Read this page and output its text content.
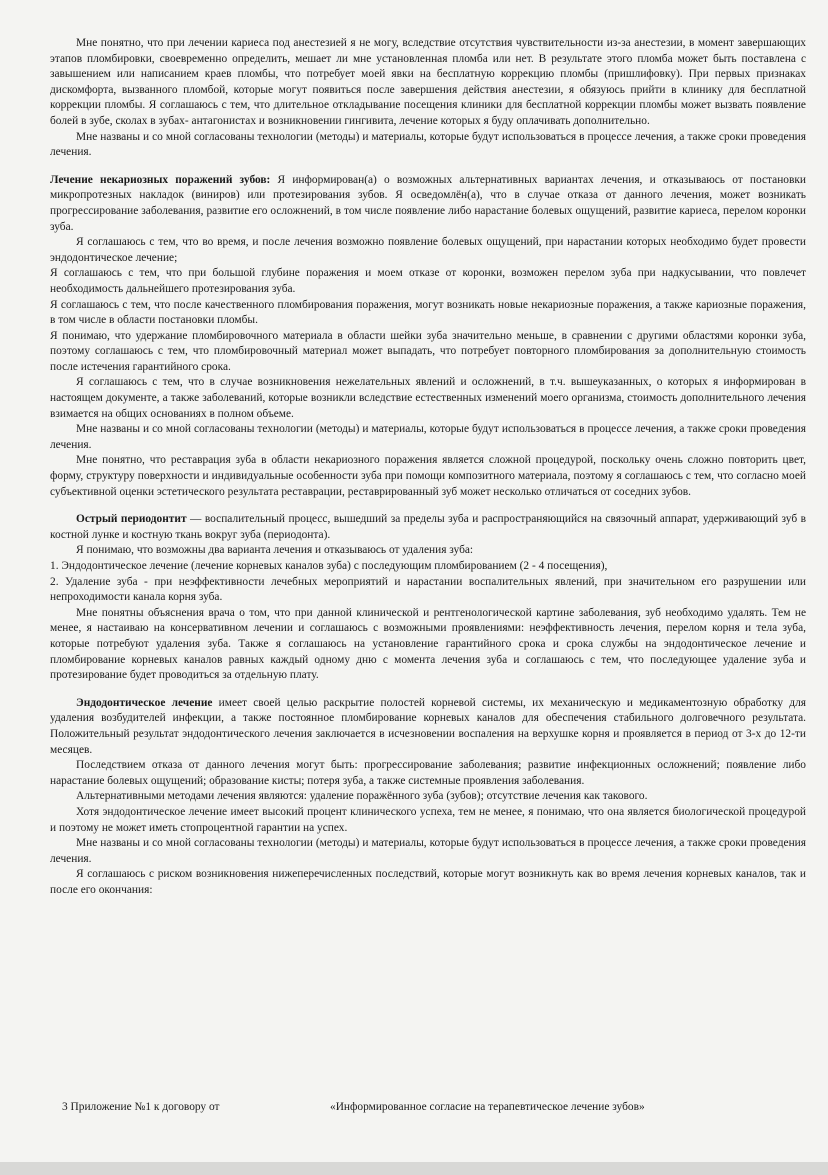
Мне понятно, что при лечении кариеса под анестезией я не могу, вследствие отсутствия чувствительности из-за анестезии, в момент завершающих этапов пломбировки, своевременно определить, мешает ли мне установленная пломба или нет. В результате этого пломба может быть поставлена с завышением или написанием краев пломбы, что потребует моей явки на бесплатную коррекцию пломбы (пришлифовку). При первых признаках дискомфорта, вызванного пломбой, которые могут появиться после завершения действия анестезии, я обязуюсь прийти в клинику для бесплатной коррекции пломбы. Я соглашаюсь с тем, что длительное откладывание посещения клиники для бесплатной коррекции пломбы может вызвать появление болей в зубе, сколах в зубах- антагонистах и возникновении гингивита, лечение которых я буду оплачивать дополнительно.

Мне названы и со мной согласованы технологии (методы) и материалы, которые будут использоваться в процессе лечения, а также сроки проведения лечения.

Лечение некариозных поражений зубов: Я информирован(а) о возможных альтернативных вариантах лечения, и отказываюсь от постановки микропротезных накладок (виниров) или протезирования зубов. Я осведомлён(а), что в случае отказа от данного лечения, может возникать прогрессирование заболевания, развитие его осложнений, в том числе появление либо нарастание болевых ощущений, развитие кариеса, перелом коронки зуба.

Я соглашаюсь с тем, что во время, и после лечения возможно появление болевых ощущений, при нарастании которых необходимо будет провести эндодонтическое лечение;

Я соглашаюсь с тем, что при большой глубине поражения и моем отказе от коронки, возможен перелом зуба при надкусывании, что повлечет необходимость дальнейшего протезирования зуба.

Я соглашаюсь с тем, что после качественного пломбирования поражения, могут возникать новые некариозные поражения, а также кариозные поражения, в том числе в области постановки пломбы.

Я понимаю, что удержание пломбировочного материала в области шейки зуба значительно меньше, в сравнении с другими областями коронки зуба, поэтому соглашаюсь с тем, что пломбировочный материал может выпадать, что потребует повторного пломбирования за дополнительную стоимость после истечения гарантийного срока.

Я соглашаюсь с тем, что в случае возникновения нежелательных явлений и осложнений, в т.ч. вышеуказанных, о которых я информирован в настоящем документе, а также заболеваний, которые возникли вследствие естественных изменений моего организма, стоимость дополнительного лечения взимается на общих основаниях в полном объеме.

Мне названы и со мной согласованы технологии (методы) и материалы, которые будут использоваться в процессе лечения, а также сроки проведения лечения.

Мне понятно, что реставрация зуба в области некариозного поражения является сложной процедурой, поскольку очень сложно повторить цвет, форму, структуру поверхности и индивидуальные особенности зуба при помощи композитного материала, поэтому я соглашаюсь с тем, что согласно моей субъективной оценки эстетического результата реставрации, реставрированный зуб может несколько отличаться от соседних зубов.

Острый периодонтит — воспалительный процесс, вышедший за пределы зуба и распространяющийся на связочный аппарат, удерживающий зуб в костной лунке и костную ткань вокруг зуба (периодонта).

Я понимаю, что возможны два варианта лечения и отказываюсь от удаления зуба:

1. Эндодонтическое лечение (лечение корневых каналов зуба) с последующим пломбированием (2 - 4 посещения),

2. Удаление зуба - при неэффективности лечебных мероприятий и нарастании воспалительных явлений, при значительном его разрушении или непроходимости канала корня зуба.

Мне понятны объяснения врача о том, что при данной клинической и рентгенологической картине заболевания, зуб необходимо удалять. Тем не менее, я настаиваю на консервативном лечении и соглашаюсь с возможными проявлениями: неэффективность лечения, перелом корня и тела зуба, которые потребуют удаления зуба. Также я соглашаюсь на установление гарантийного срока и срока службы на эндодонтическое лечение и пломбирование корневых каналов равных каждый одному дню с момента лечения зуба и соглашаюсь с тем, что последующее удаление зуба и протезирование будет проводиться за отдельную плату.

Эндодонтическое лечение имеет своей целью раскрытие полостей корневой системы, их механическую и медикаментозную обработку для удаления возбудителей инфекции, а также постоянное пломбирование корневых каналов для обеспечения стабильного долговечного результата. Положительный результат эндодонтического лечения заключается в исчезновении воспаления на верхушке корня и проявляется в период от 3-х до 12-ти месяцев.

Последствием отказа от данного лечения могут быть: прогрессирование заболевания; развитие инфекционных осложнений; появление либо нарастание болевых ощущений; образование кисты; потеря зуба, а также системные проявления заболевания.

Альтернативными методами лечения являются: удаление поражённого зуба (зубов); отсутствие лечения как такового.

Хотя эндодонтическое лечение имеет высокий процент клинического успеха, тем не менее, я понимаю, что она является биологической процедурой и поэтому не может иметь стопроцентной гарантии на успех.

Мне названы и со мной согласованы технологии (методы) и материалы, которые будут использоваться в процессе лечения, а также сроки проведения лечения.

Я соглашаюсь с риском возникновения нижеперечисленных последствий, которые могут возникнуть как во время лечения корневых каналов, так и после его окончания:

3 Приложение №1 к договору от	«Информированное согласие на терапевтическое лечение зубов»
